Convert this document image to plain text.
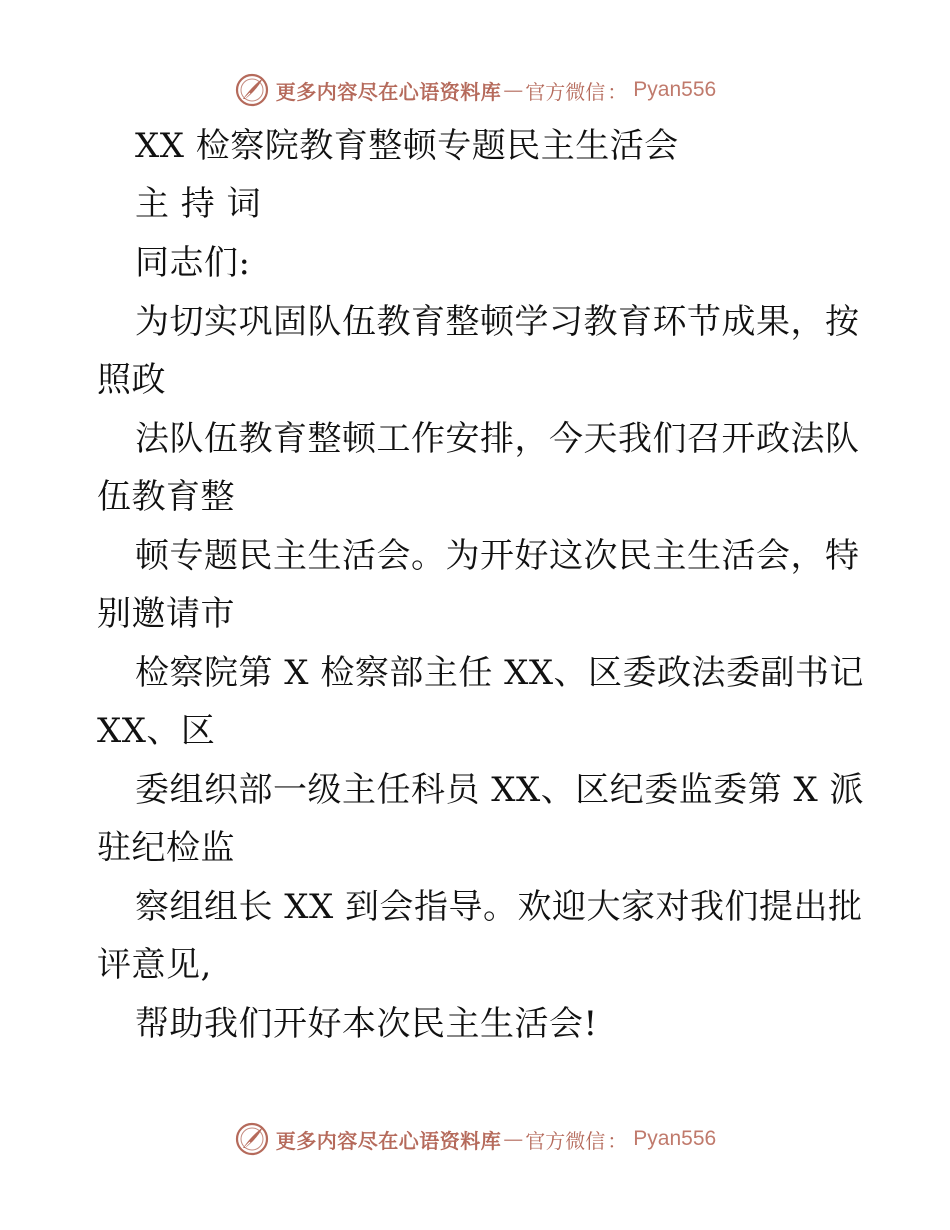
更多内容尽在心语资料库 — 官方微信 ： Pyan556
XX 检察院教育整顿专题民主生活会
主 持 词
同志们:
为切实巩固队伍教育整顿学习教育环节成果，按
照政
法队伍教育整顿工作安排，今天我们召开政法队
伍教育整
顿专题民主生活会。为开好这次民主生活会，特
别邀请市
检察院第 X 检察部主任 XX、区委政法委副书记
XX、区
委组织部一级主任科员 XX、区纪委监委第 X 派
驻纪检监
察组组长 XX 到会指导。欢迎大家对我们提出批
评意见,
帮助我们开好本次民主生活会!
更多内容尽在心语资料库 — 官方微信 ： Pyan556
